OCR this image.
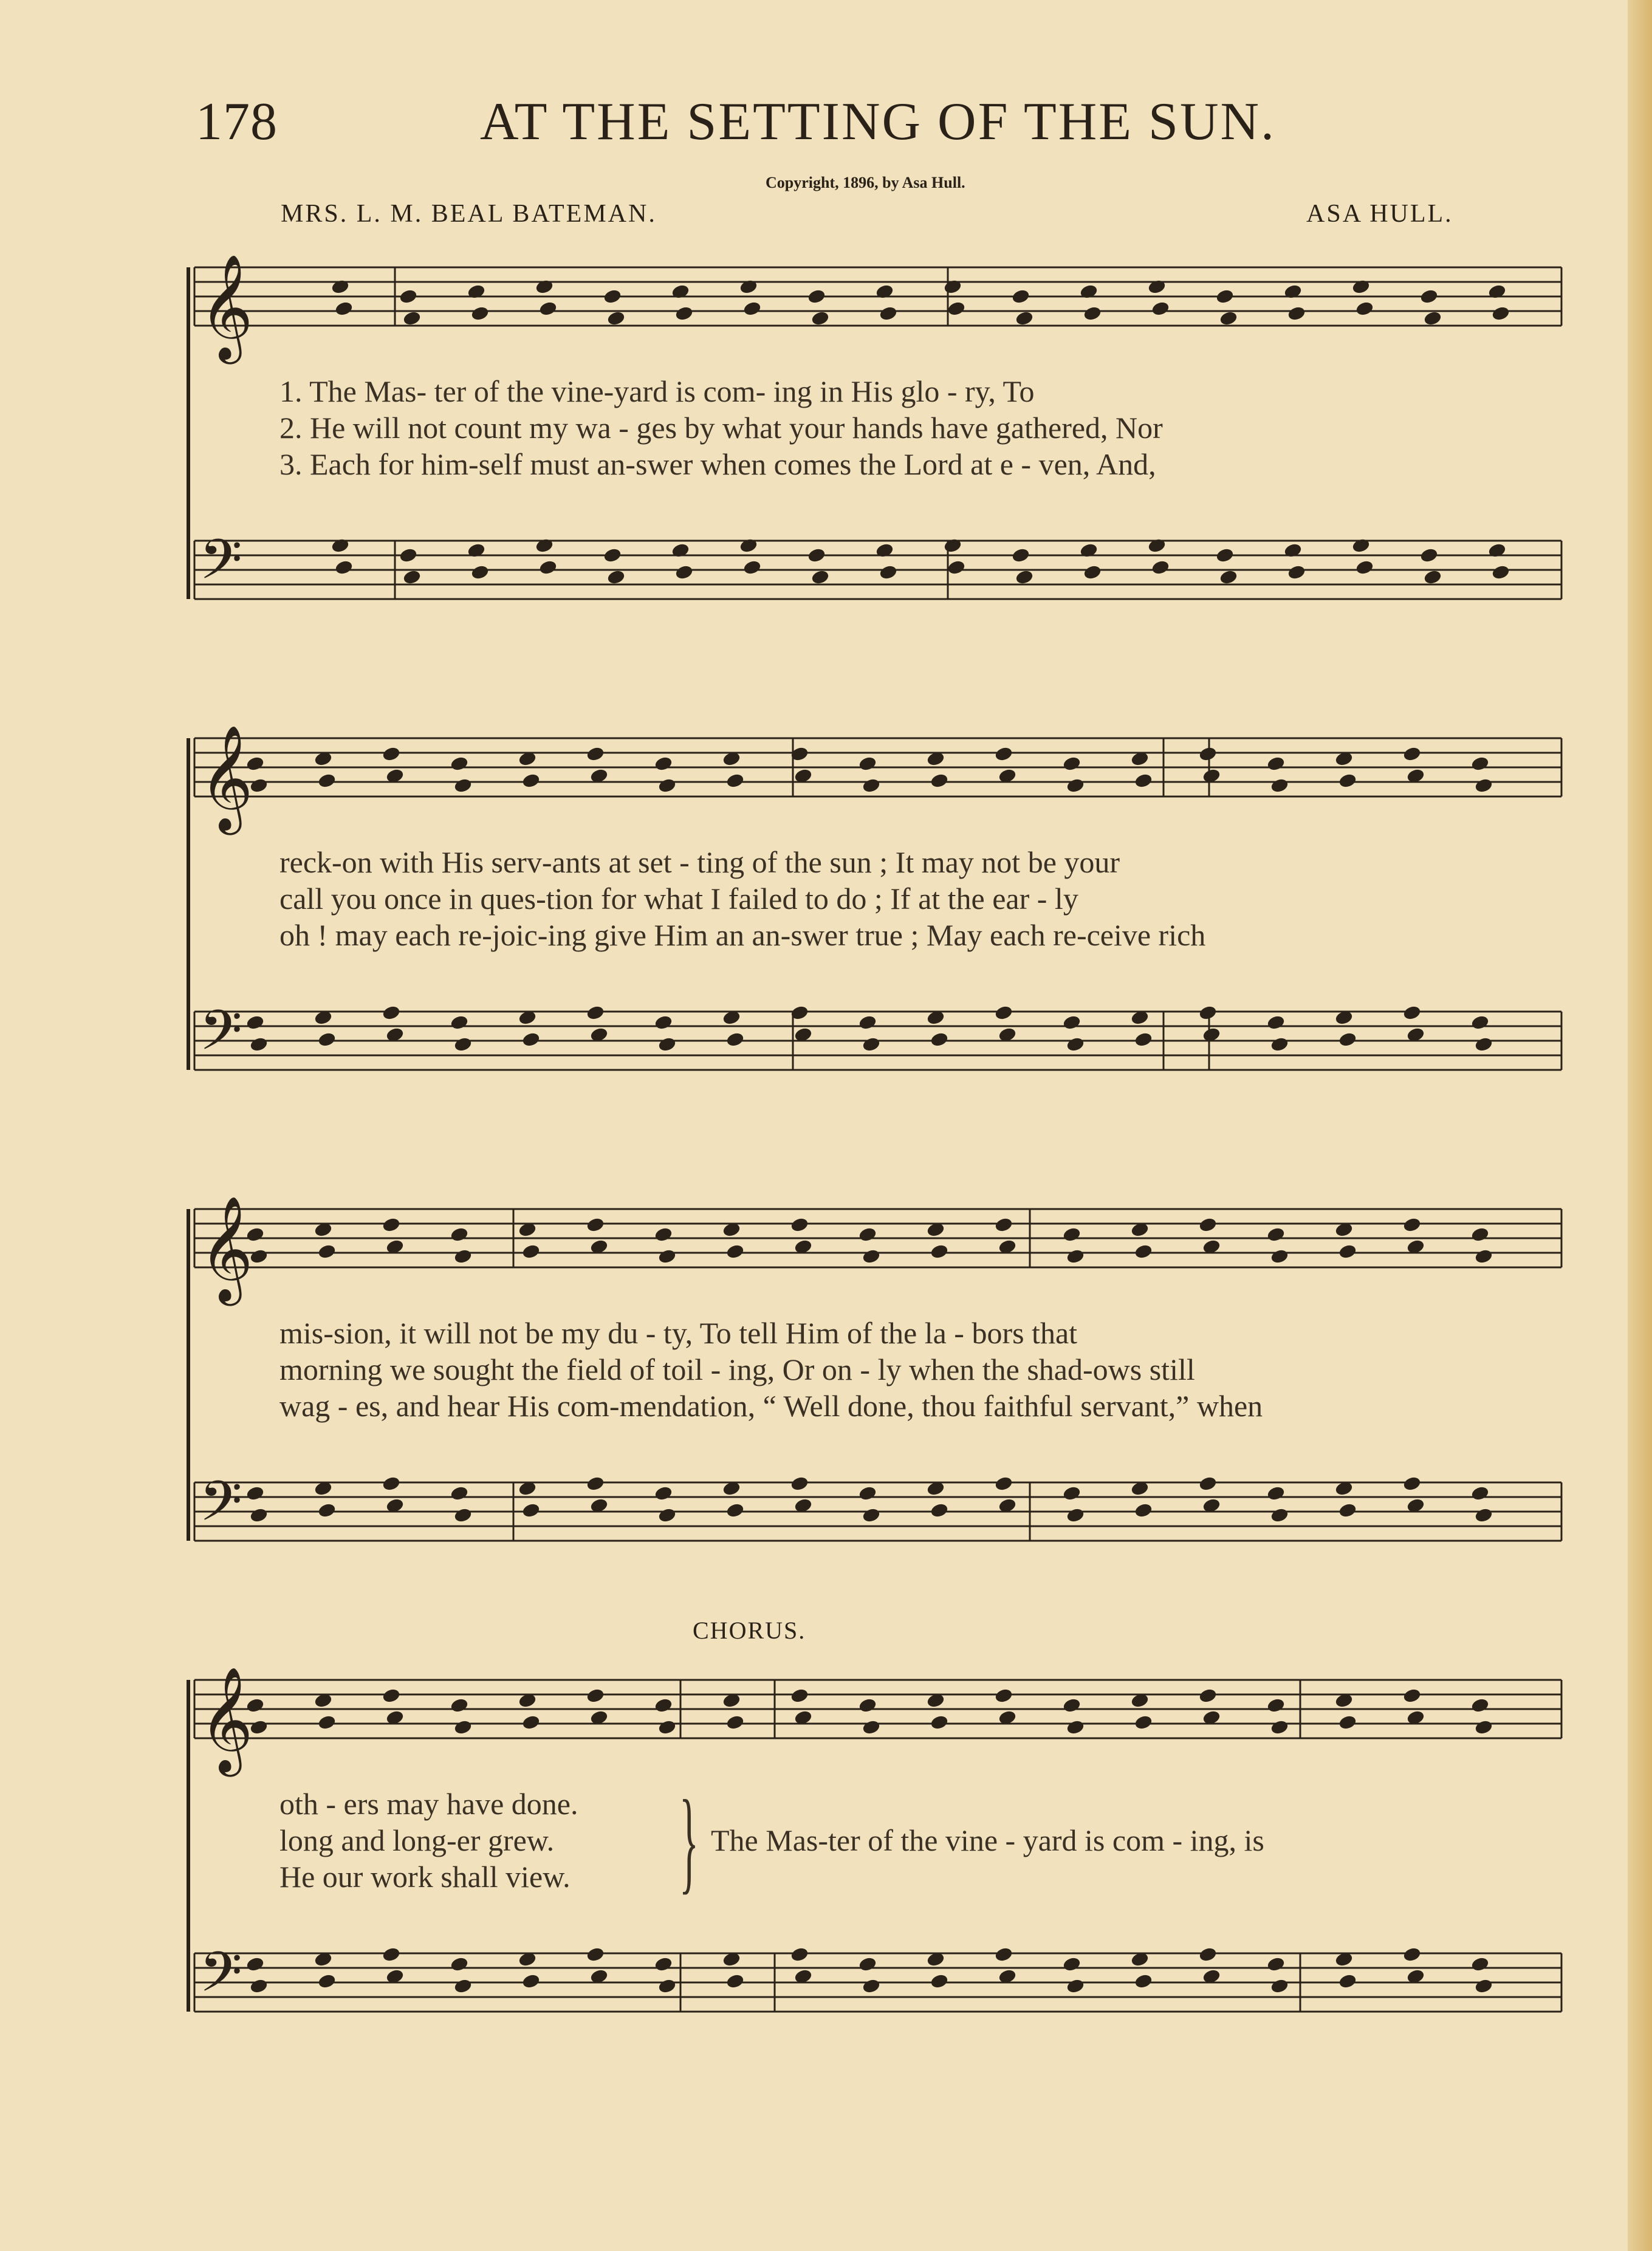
178	AT THE SETTING OF THE SUN.
Copyright, 1896, by Asa Hull.
MRS. L. M. BEAL BATEMAN.	ASA HULL.
𝄞
𝄢
𝄞
𝄢
𝄞
𝄢
𝄞
𝄢
1. The Mas- ter of the vine-yard is com- ing in His glo - ry, To
2. He will not count my wa - ges by what your hands have gathered, Nor
3. Each for him-self must an-swer when comes the Lord at e - ven, And,
reck-on with His serv-ants at set - ting of the sun ; It may not be your
call you once in ques-tion for what I failed to do ; If at the ear - ly
oh ! may each re-joic-ing give Him an an-swer true ; May each re-ceive rich
mis-sion, it will not be my du - ty, To tell Him of the la - bors that
morning we sought the field of toil - ing, Or on - ly when the shad-ows still
wag - es, and hear His com-mendation, “ Well done, thou faithful servant,” when
CHORUS.
oth - ers may have done.
long and long-er grew.
He our work shall view. } The Mas-ter of the vine - yard is com - ing, is
